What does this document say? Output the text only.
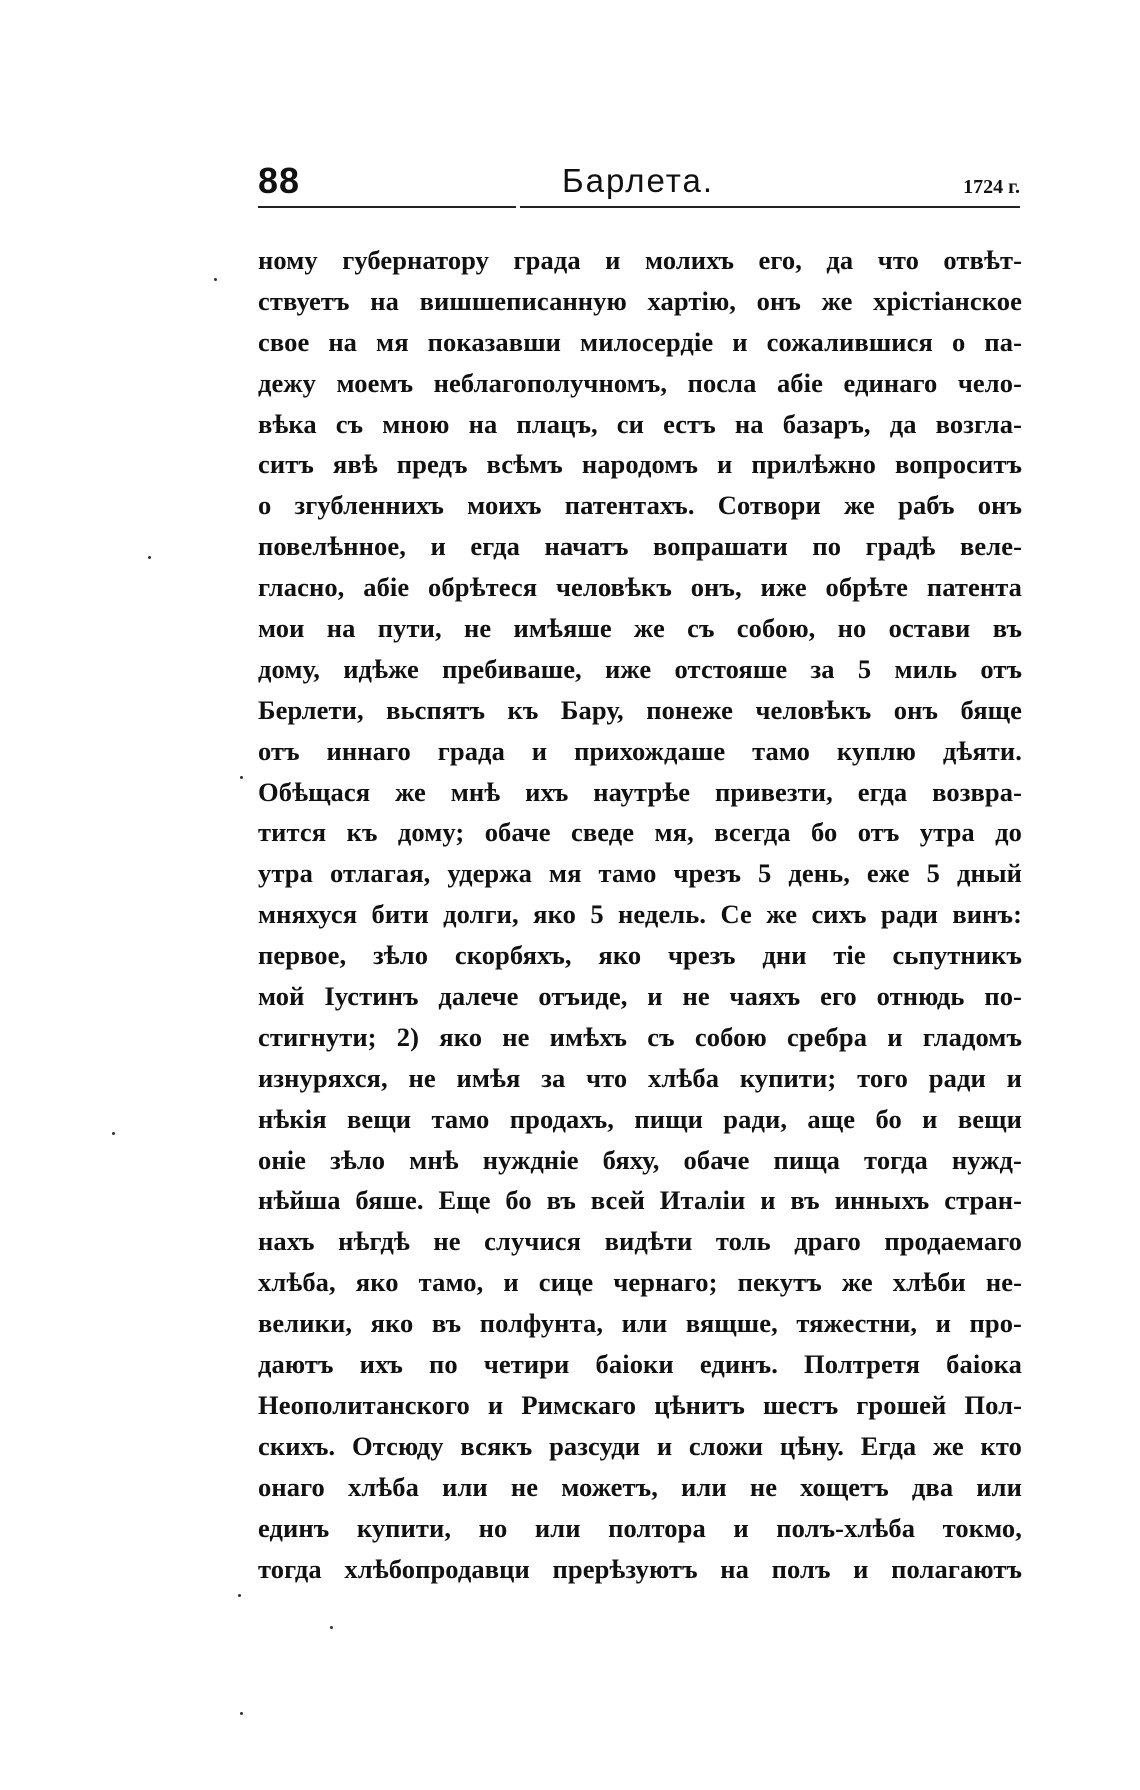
88	Барлета.	1724 г.
ному губернатору града и молихъ его, да что отвѣт-
ствуетъ на вишшеписанную хартію, онъ же хрістіанское
свое на мя показавши милосердіе и сожалившися о па-
дежу моемъ неблагополучномъ, посла абіе единаго чело-
вѣка съ мною на плацъ, си естъ на базаръ, да возгла-
ситъ явѣ предъ всѣмъ народомъ и прилѣжно вопроситъ
о згубленнихъ моихъ патентахъ. Сотвори же рабъ онъ
повелѣнное, и егда начатъ вопрашати по градѣ веле-
гласно, абіе обрѣтеся человѣкъ онъ, иже обрѣте патента
мои на пути, не имѣяше же съ собою, но остави въ
дому, идѣже пребиваше, иже отстояше за 5 миль отъ
Берлети, вьспятъ къ Бару, понеже человѣкъ онъ бяще
отъ иннаго града и прихождаше тамо куплю дѣяти.
Обѣщася же мнѣ ихъ наутрѣе привезти, егда возвра-
тится къ дому; обаче сведе мя, всегда бо отъ утра до
утра отлагая, удержа мя тамо чрезъ 5 день, еже 5 дный
мняхуся бити долги, яко 5 недель. Се же сихъ ради винъ:
первое, зѣло скорбяхъ, яко чрезъ дни тіе сьпутникъ
мой Іустинъ далече отъиде, и не чаяхъ его отнюдь по-
стигнути; 2) яко не имѣхъ съ собою сребра и гладомъ
изнуряхся, не имѣя за что хлѣба купити; того ради и
нѣкія вещи тамо продахъ, пищи ради, аще бо и вещи
оніе зѣло мнѣ нуждніе бяху, обаче пища тогда нужд-
нѣйша бяше. Еще бо въ всей Италіи и въ инныхъ стран-
нахъ нѣгдѣ не случися видѣти толь драго продаемаго
хлѣба, яко тамо, и сице чернаго; пекутъ же хлѣби не-
велики, яко въ полфунта, или вящше, тяжестни, и про-
даютъ ихъ по четири баіоки единъ. Полтретя баіока
Неополитанского и Римскаго цѣнитъ шестъ грошей Пол-
скихъ. Отсюду всякъ разсуди и сложи цѣну. Егда же кто
онаго хлѣба или не можетъ, или не хощетъ два или
единъ купити, но или полтора и полъ-хлѣба токмо,
тогда хлѣбопродавци прерѣзуютъ на полъ и полагаютъ
